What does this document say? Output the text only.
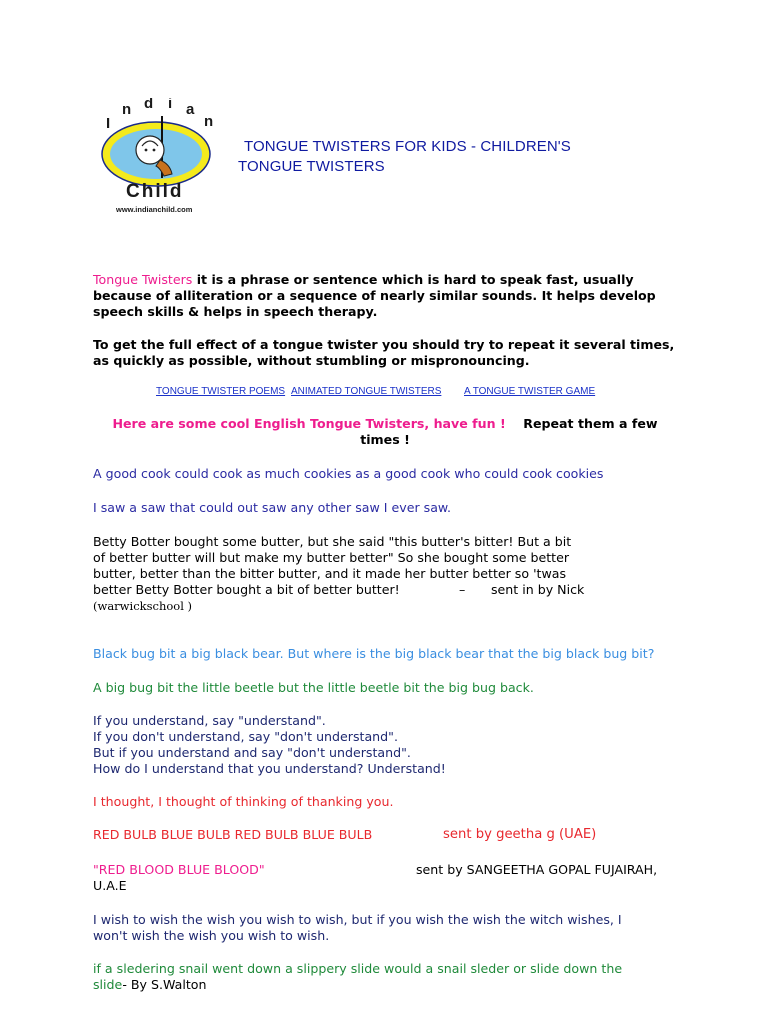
I
n d i a
n
Child
www.indianchild.com
TONGUE TWISTERS FOR KIDS - CHILDREN'S
TONGUE TWISTERS
Tongue Twisters it is a phrase or sentence which is hard to speak fast, usually because of alliteration or a sequence of nearly similar sounds. It helps develop speech skills & helps in speech therapy.
To get the full effect of a tongue twister you should try to repeat it several times, as quickly as possible, without stumbling or mispronouncing.
TONGUE TWISTER POEMS ANIMATED TONGUE TWISTERS A TONGUE TWISTER GAME
Here are some cool English Tongue Twisters, have fun ! Repeat them a few times !
A good cook could cook as much cookies as a good cook who could cook cookies
I saw a saw that could out saw any other saw I ever saw.
Betty Botter bought some butter, but she said "this butter's bitter! But a bit
of better butter will but make my butter better" So she bought some better
butter, better than the bitter butter, and it made her butter better so 'twas
better Betty Botter bought a bit of better butter!	– sent in by Nick
(warwickschool )
Black bug bit a big black bear. But where is the big black bear that the big black bug bit?
A big bug bit the little beetle but the little beetle bit the big bug back.
If you understand, say "understand".
If you don't understand, say "don't understand".
But if you understand and say "don't understand".
How do I understand that you understand? Understand!
I thought, I thought of thinking of thanking you.
RED BULB BLUE BULB RED BULB BLUE BULB	sent by geetha g (UAE)
"RED BLOOD BLUE BLOOD"	sent by SANGEETHA GOPAL FUJAIRAH,
U.A.E
I wish to wish the wish you wish to wish, but if you wish the wish the witch wishes, I
won't wish the wish you wish to wish.
if a sledering snail went down a slippery slide would a snail sleder or slide down the
slide- By S.Walton
